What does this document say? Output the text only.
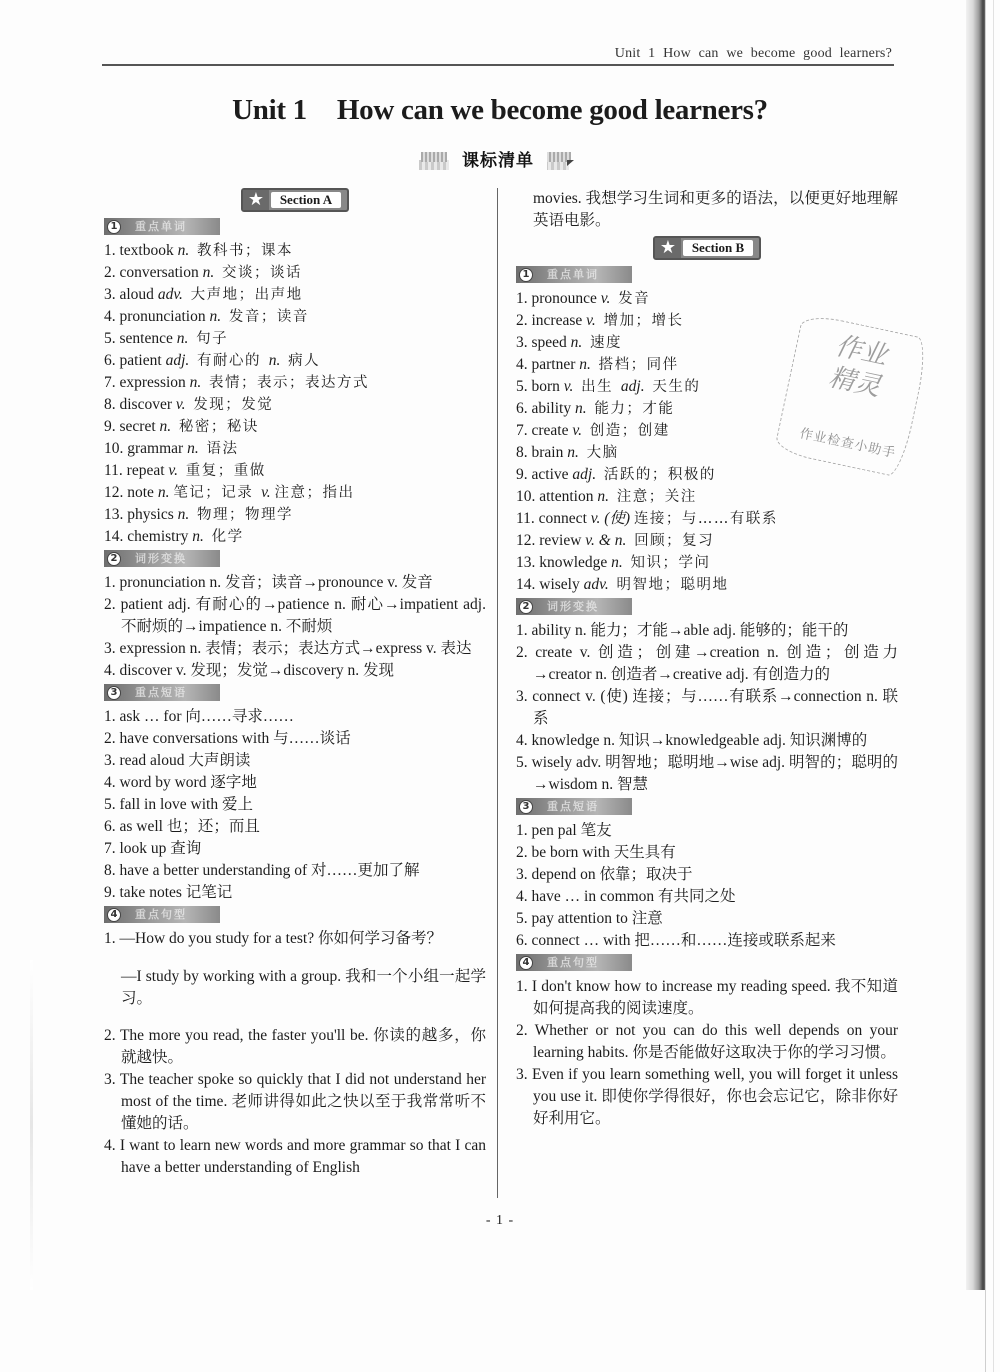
Unit 1 How can we become good learners?
Unit 1 How can we become good learners?
课标清单
★	Section A
1	重点单词

1. textbook n. 教科书；课本

2. conversation n. 交谈；谈话

3. aloud adv. 大声地；出声地

4. pronunciation n. 发音；读音

5. sentence n. 句子

6. patient adj. 有耐心的 n. 病人

7. expression n. 表情；表示；表达方式

8. discover v. 发现；发觉

9. secret n. 秘密；秘诀

10. grammar n. 语法

11. repeat v. 重复；重做

12. note n. 笔记；记录 v. 注意；指出

13. physics n. 物理；物理学

14. chemistry n. 化学

2	词形变换

1. pronunciation n. 发音；读音→pronounce v. 发音

2. patient adj. 有耐心的→patience n. 耐心→impatient adj. 不耐烦的→impatience n. 不耐烦

3. expression n. 表情；表示；表达方式→express v. 表达

4. discover v. 发现；发觉→discovery n. 发现

3	重点短语

1. ask … for 向……寻求……

2. have conversations with 与……谈话

3. read aloud 大声朗读

4. word by word 逐字地

5. fall in love with 爱上

6. as well 也；还；而且

7. look up 查询

8. have a better understanding of 对……更加了解

9. take notes 记笔记

4	重点句型

1. —How do you study for a test? 你如何学习备考？

—I study by working with a group. 我和一个小组一起学习。

2. The more you read, the faster you'll be. 你读的越多，你就越快。

3. The teacher spoke so quickly that I did not understand her most of the time. 老师讲得如此之快以至于我常常听不懂她的话。

4. I want to learn new words and more grammar so that I can have a better understanding of English

movies. 我想学习生词和更多的语法，以便更好地理解英语电影。

★	Section B
1	重点单词

1. pronounce v. 发音

2. increase v. 增加；增长

3. speed n. 速度

4. partner n. 搭档；同伴

5. born v. 出生 adj. 天生的

6. ability n. 能力；才能

7. create v. 创造；创建

8. brain n. 大脑

9. active adj. 活跃的；积极的

10. attention n. 注意；关注

11. connect v. (使) 连接；与……有联系

12. review v. & n. 回顾；复习

13. knowledge n. 知识；学问

14. wisely adv. 明智地；聪明地

2	词形变换

1. ability n. 能力；才能→able adj. 能够的；能干的

2. create v. 创造；创建→creation n. 创造；创造力→creator n. 创造者→creative adj. 有创造力的

3. connect v. (使) 连接；与……有联系→connection n. 联系

4. knowledge n. 知识→knowledgeable adj. 知识渊博的

5. wisely adv. 明智地；聪明地→wise adj. 明智的；聪明的→wisdom n. 智慧

3	重点短语

1. pen pal 笔友

2. be born with 天生具有

3. depend on 依靠；取决于

4. have … in common 有共同之处

5. pay attention to 注意

6. connect … with 把……和……连接或联系起来

4	重点句型

1. I don't know how to increase my reading speed. 我不知道如何提高我的阅读速度。

2. Whether or not you can do this well depends on your learning habits. 你是否能做好这取决于你的学习习惯。

3. Even if you learn something well, you will forget it unless you use it. 即使你学得很好，你也会忘记它，除非你好好利用它。

作业
精灵
作业检查小助手
- 1 -
